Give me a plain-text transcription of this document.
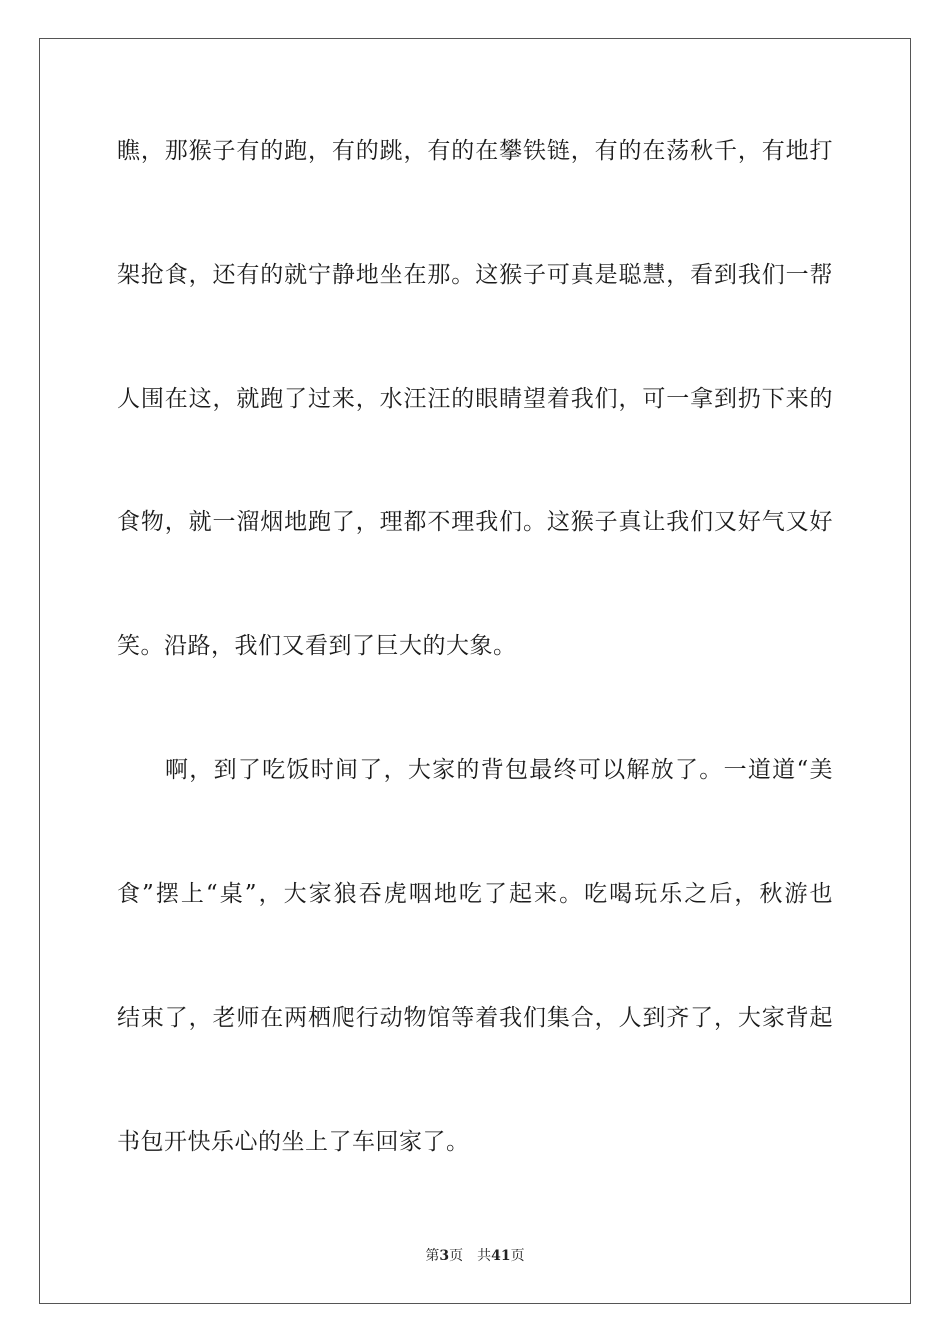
瞧，那猴子有的跑，有的跳，有的在攀铁链，有的在荡秋千，有地打
架抢食，还有的就宁静地坐在那。这猴子可真是聪慧，看到我们一帮
人围在这，就跑了过来，水汪汪的眼睛望着我们，可一拿到扔下来的
食物，就一溜烟地跑了，理都不理我们。这猴子真让我们又好气又好
笑。沿路，我们又看到了巨大的大象。
啊，到了吃饭时间了，大家的背包最终可以解放了。一道道“美
食”摆上“桌”，大家狼吞虎咽地吃了起来。吃喝玩乐之后，秋游也
结束了，老师在两栖爬行动物馆等着我们集合，人到齐了，大家背起
书包开快乐心的坐上了车回家了。
第3页 共41页
